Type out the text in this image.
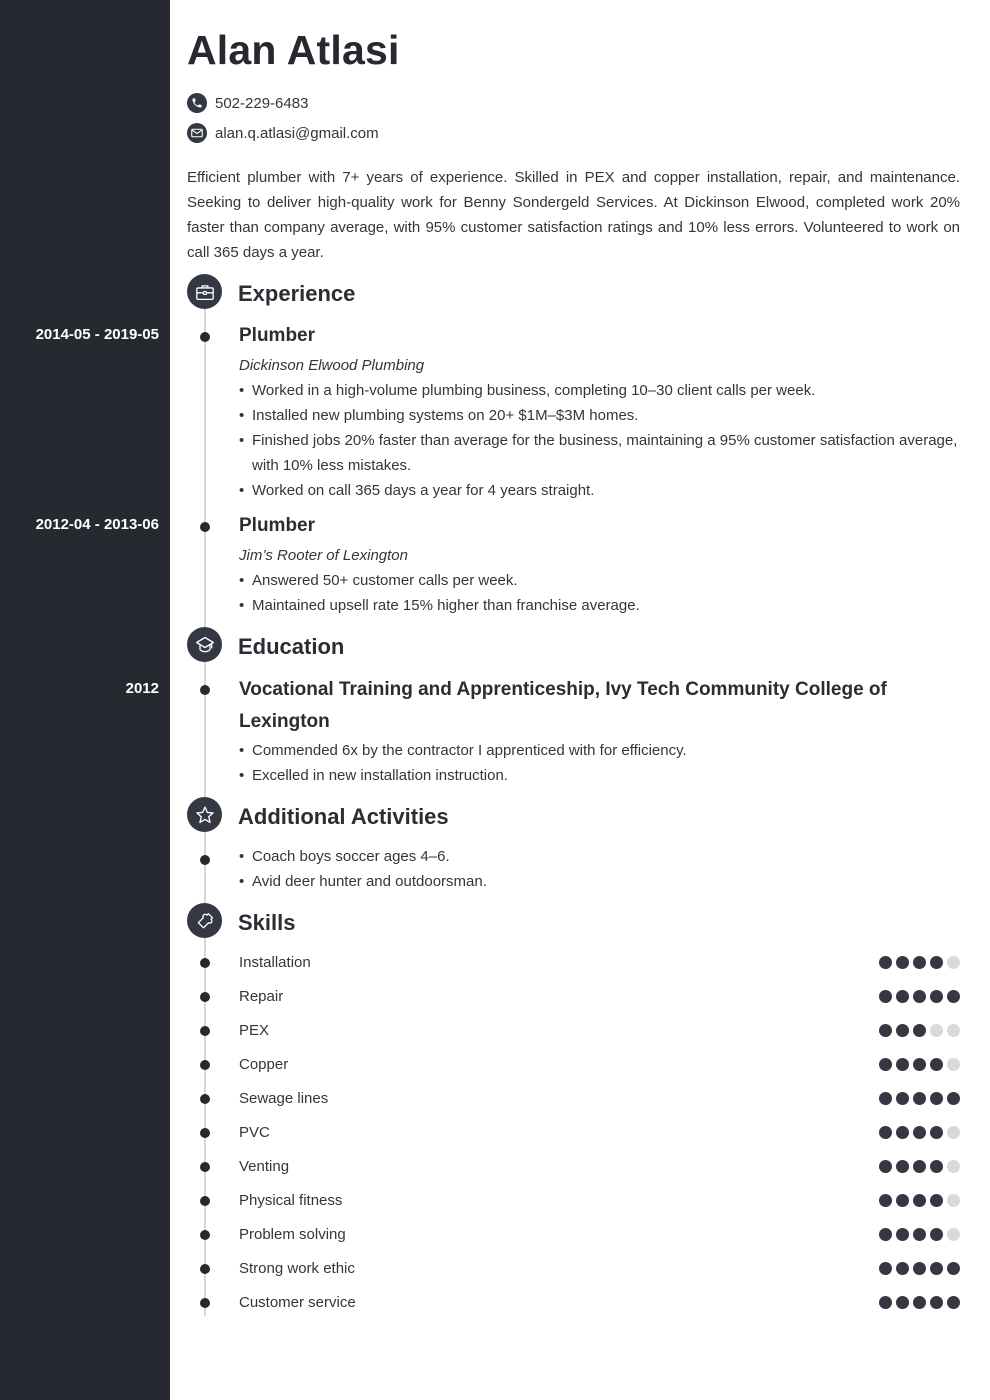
Alan Atlasi
502-229-6483
alan.q.atlasi@gmail.com

Efficient plumber with 7+ years of experience. Skilled in PEX and copper installation, repair, and maintenance. Seeking to deliver high-quality work for Benny Sondergeld Services. At Dickinson Elwood, completed work 20% faster than company average, with 95% customer satisfaction ratings and 10% less errors. Volunteered to work on call 365 days a year.

Experience
2014-05 - 2019-05	Plumber
Dickinson Elwood Plumbing
• Worked in a high-volume plumbing business, completing 10–30 client calls per week.
• Installed new plumbing systems on 20+ $1M–$3M homes.
• Finished jobs 20% faster than average for the business, maintaining a 95% customer satisfaction average, with 10% less mistakes.
• Worked on call 365 days a year for 4 years straight.
2012-04 - 2013-06	Plumber
Jim’s Rooter of Lexington
• Answered 50+ customer calls per week.
• Maintained upsell rate 15% higher than franchise average.
Education
2012	Vocational Training and Apprenticeship, Ivy Tech Community College of Lexington
• Commended 6x by the contractor I apprenticed with for efficiency.
• Excelled in new installation instruction.
Additional Activities
• Coach boys soccer ages 4–6.
• Avid deer hunter and outdoorsman.
Skills
Installation
Repair
PEX
Copper
Sewage lines
PVC
Venting
Physical fitness
Problem solving
Strong work ethic
Customer service
